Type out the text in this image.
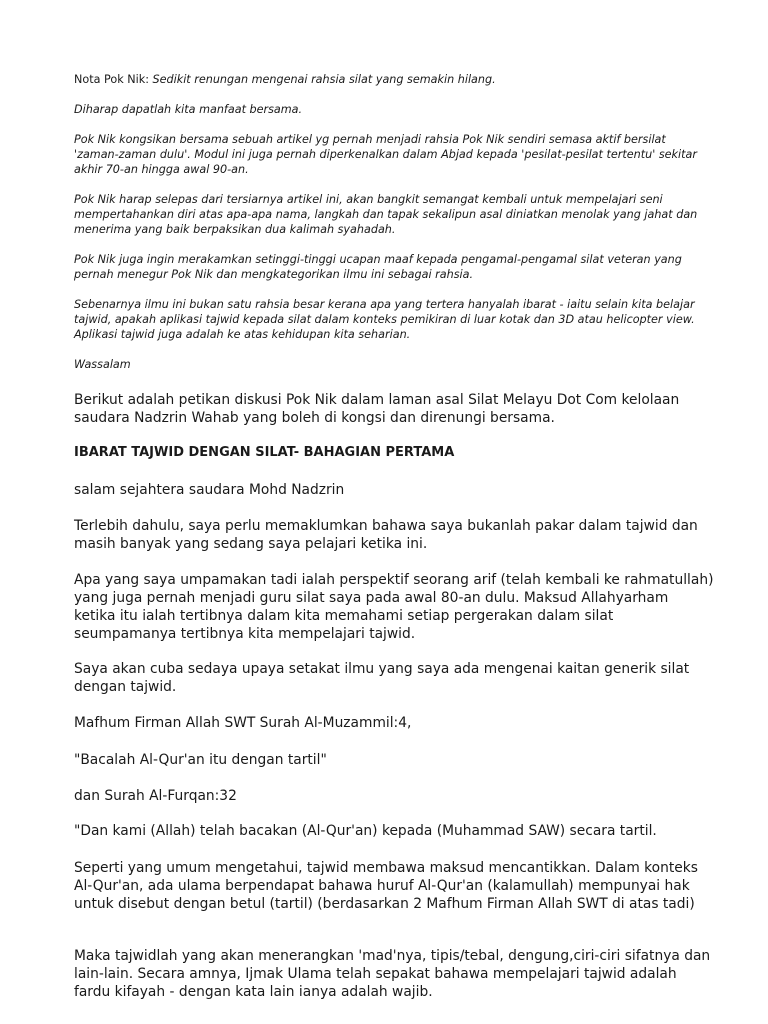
Nota Pok Nik: Sedikit renungan mengenai rahsia silat yang semakin hilang.

Diharap dapatlah kita manfaat bersama.

Pok Nik kongsikan bersama sebuah artikel yg pernah menjadi rahsia Pok Nik sendiri semasa aktif bersilat 'zaman-zaman dulu'. Modul ini juga pernah diperkenalkan dalam Abjad kepada 'pesilat-pesilat tertentu' sekitar akhir 70-an hingga awal 90-an.

Pok Nik harap selepas dari tersiarnya artikel ini, akan bangkit semangat kembali untuk mempelajari seni mempertahankan diri atas apa-apa nama, langkah dan tapak sekalipun asal diniatkan menolak yang jahat dan menerima yang baik berpaksikan dua kalimah syahadah.

Pok Nik juga ingin merakamkan setinggi-tinggi ucapan maaf kepada pengamal-pengamal silat veteran yang pernah menegur Pok Nik dan mengkategorikan ilmu ini sebagai rahsia.

Sebenarnya ilmu ini bukan satu rahsia besar kerana apa yang tertera hanyalah ibarat - iaitu selain kita belajar tajwid, apakah aplikasi tajwid kepada silat dalam konteks pemikiran di luar kotak dan 3D atau helicopter view. Aplikasi tajwid juga adalah ke atas kehidupan kita seharian.

Wassalam

Berikut adalah petikan diskusi Pok Nik dalam laman asal Silat Melayu Dot Com kelolaan saudara Nadzrin Wahab yang boleh di kongsi dan direnungi bersama.

IBARAT TAJWID DENGAN SILAT- BAHAGIAN PERTAMA

salam sejahtera saudara Mohd Nadzrin

Terlebih dahulu, saya perlu memaklumkan bahawa saya bukanlah pakar dalam tajwid dan masih banyak yang sedang saya pelajari ketika ini.

Apa yang saya umpamakan tadi ialah perspektif seorang arif (telah kembali ke rahmatullah) yang juga pernah menjadi guru silat saya pada awal 80-an dulu. Maksud Allahyarham ketika itu ialah tertibnya dalam kita memahami setiap pergerakan dalam silat seumpamanya tertibnya kita mempelajari tajwid.

Saya akan cuba sedaya upaya setakat ilmu yang saya ada mengenai kaitan generik silat dengan tajwid.

Mafhum Firman Allah SWT Surah Al-Muzammil:4,

"Bacalah Al-Qur'an itu dengan tartil"

dan Surah Al-Furqan:32

"Dan kami (Allah) telah bacakan (Al-Qur'an) kepada (Muhammad SAW) secara tartil.

Seperti yang umum mengetahui, tajwid membawa maksud mencantikkan. Dalam konteks Al-Qur'an, ada ulama berpendapat bahawa huruf Al-Qur'an (kalamullah) mempunyai hak untuk disebut dengan betul (tartil) (berdasarkan 2 Mafhum Firman Allah SWT di atas tadi)

Maka tajwidlah yang akan menerangkan 'mad'nya, tipis/tebal, dengung,ciri-ciri sifatnya dan lain-lain. Secara amnya, Ijmak Ulama telah sepakat bahawa mempelajari tajwid adalah fardu kifayah - dengan kata lain ianya adalah wajib.
